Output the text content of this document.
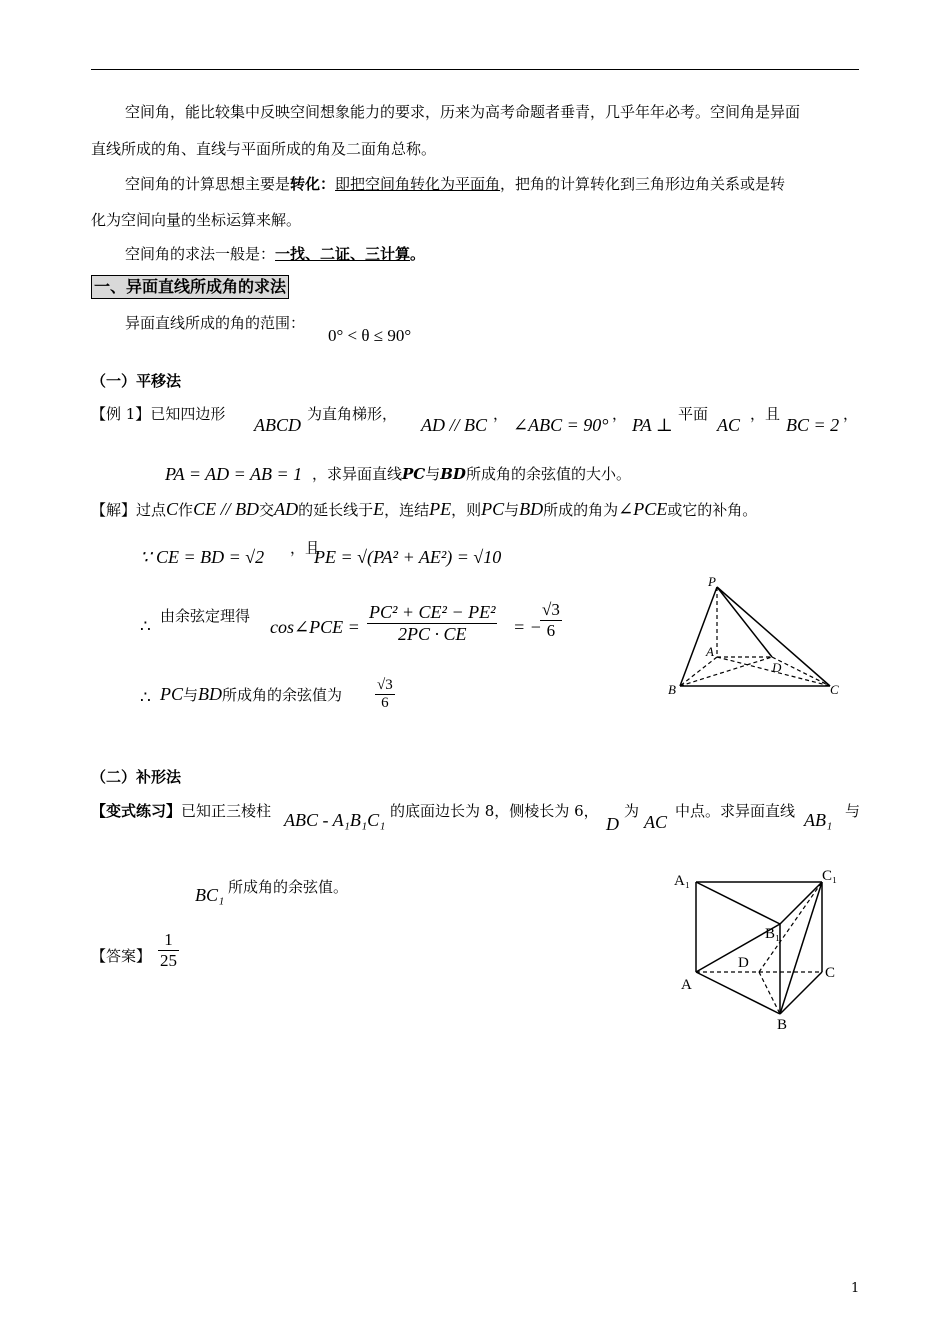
空间角，能比较集中反映空间想象能力的要求，历来为高考命题者垂青，几乎年年必考。空间角是异面
直线所成的角、直线与平面所成的角及二面角总称。
空间角的计算思想主要是转化：即把空间角转化为平面角，把角的计算转化到三角形边角关系或是转
化为空间向量的坐标运算来解。
空间角的求法一般是：一找、二证、三计算。
一、异面直线所成角的求法
异面直线所成的角的范围：
0° < θ ≤ 90°
（一）平移法
【例 1】已知四边形
ABCD
为直角梯形，
AD // BC
，
∠ABC = 90°
，
PA ⊥
平面
AC
，且
BC = 2
，
PA = AD = AB = 1 ，求异面直线PC与BD所成角的余弦值的大小。
【解】过点C作CE // BD交AD的延长线于E，连结PE，则PC与BD所成的角为∠PCE或它的补角。
∵ CE = BD = √2 ，且
PE = √(PA² + AE²) = √10
∴
由余弦定理得
cos∠PCE = $\frac{\text{PC² + CE² − PE²}}{2PC \cdot CE}$ = −
$\frac{√3}{6}$
∴ PC与BD所成角的余弦值为 $\frac{√3}{6}$
P
A
B	C
D
（二）补形法
【变式练习】已知正三棱柱 ABC - A₁B₁C₁ 的底面边长为 8，侧棱长为 6，
D
为
AC
中点。求异面直线 AB₁ 与
BC₁ 所成角的余弦值。
【答案】 $\frac{1}{25}$
A₁	C₁
B₁
D
A
C
B
1
